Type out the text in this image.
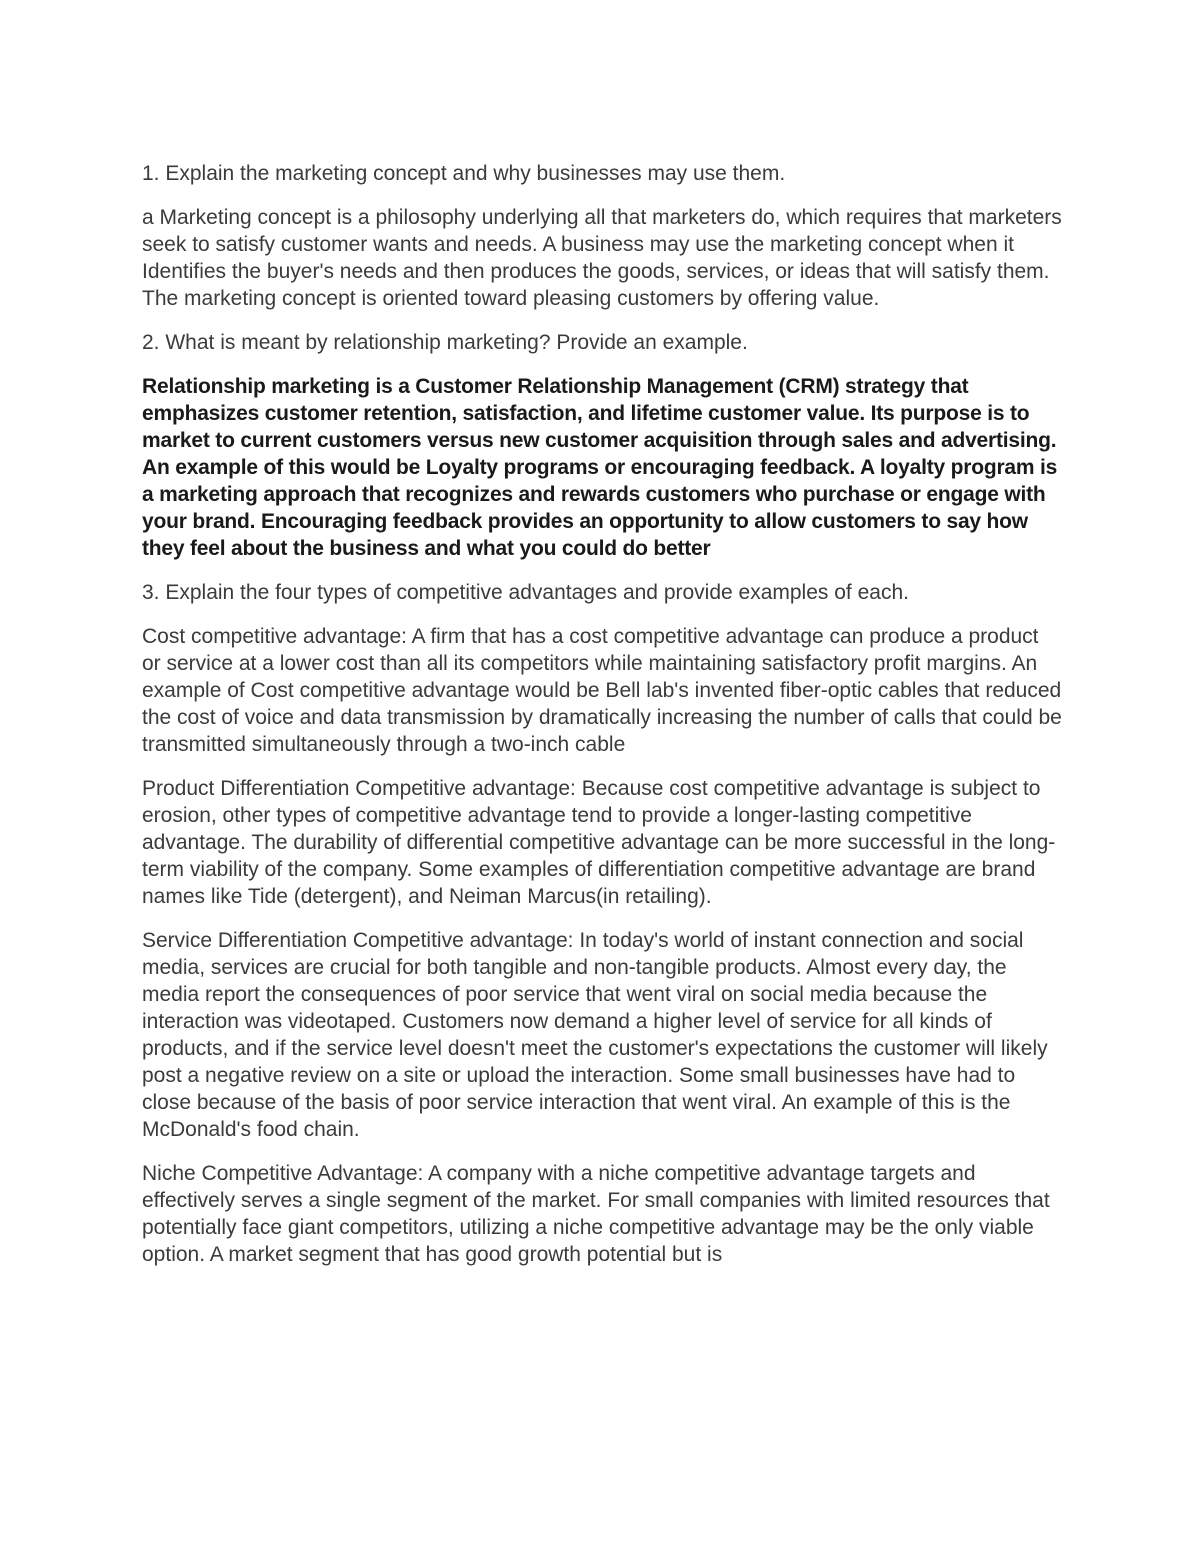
1. Explain the marketing concept and why businesses may use them.

a Marketing concept is a philosophy underlying all that marketers do, which requires that marketers seek to satisfy customer wants and needs. A business may use the marketing concept when it Identifies the buyer's needs and then produces the goods, services, or ideas that will satisfy them. The marketing concept is oriented toward pleasing customers by offering value.

2. What is meant by relationship marketing? Provide an example.

Relationship marketing is a Customer Relationship Management (CRM) strategy that emphasizes customer retention, satisfaction, and lifetime customer value. Its purpose is to market to current customers versus new customer acquisition through sales and advertising. An example of this would be Loyalty programs or encouraging feedback. A loyalty program is a marketing approach that recognizes and rewards customers who purchase or engage with your brand. Encouraging feedback provides an opportunity to allow customers to say how they feel about the business and what you could do better

3. Explain the four types of competitive advantages and provide examples of each.

Cost competitive advantage: A firm that has a cost competitive advantage can produce a product or service at a lower cost than all its competitors while maintaining satisfactory profit margins. An example of Cost competitive advantage would be Bell lab's invented fiber-optic cables that reduced the cost of voice and data transmission by dramatically increasing the number of calls that could be transmitted simultaneously through a two-inch cable

Product Differentiation Competitive advantage: Because cost competitive advantage is subject to erosion, other types of competitive advantage tend to provide a longer-lasting competitive advantage. The durability of differential competitive advantage can be more successful in the long-term viability of the company. Some examples of differentiation competitive advantage are brand names like Tide (detergent), and Neiman Marcus(in retailing).

Service Differentiation Competitive advantage: In today's world of instant connection and social media, services are crucial for both tangible and non-tangible products. Almost every day, the media report the consequences of poor service that went viral on social media because the interaction was videotaped. Customers now demand a higher level of service for all kinds of products, and if the service level doesn't meet the customer's expectations the customer will likely post a negative review on a site or upload the interaction. Some small businesses have had to close because of the basis of poor service interaction that went viral. An example of this is the McDonald's food chain.

Niche Competitive Advantage: A company with a niche competitive advantage targets and effectively serves a single segment of the market. For small companies with limited resources that potentially face giant competitors, utilizing a niche competitive advantage may be the only viable option. A market segment that has good growth potential but is
